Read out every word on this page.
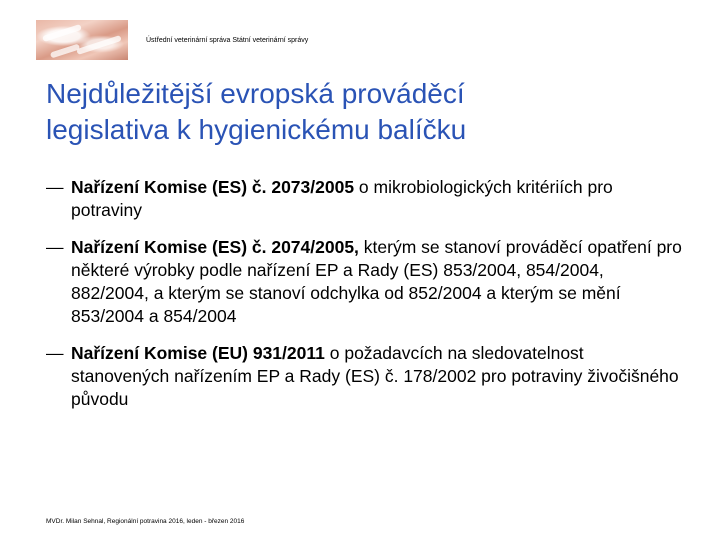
Ústřední veterinární správa Státní veterinární správy
Nejdůležitější evropská prováděcí
legislativa k hygienickému balíčku
— Nařízení Komise (ES) č. 2073/2005 o mikrobiologických kritériích pro potraviny
— Nařízení Komise (ES) č. 2074/2005, kterým se stanoví prováděcí opatření pro některé výrobky podle nařízení EP a Rady (ES) 853/2004, 854/2004, 882/2004, a kterým se stanoví odchylka od 852/2004 a kterým se mění 853/2004 a 854/2004
— Nařízení Komise (EU) 931/2011 o požadavcích na sledovatelnost stanovených nařízením EP a Rady (ES) č. 178/2002 pro potraviny živočišného původu
MVDr. Milan Sehnal, Regionální potravina 2016, leden - březen 2016
